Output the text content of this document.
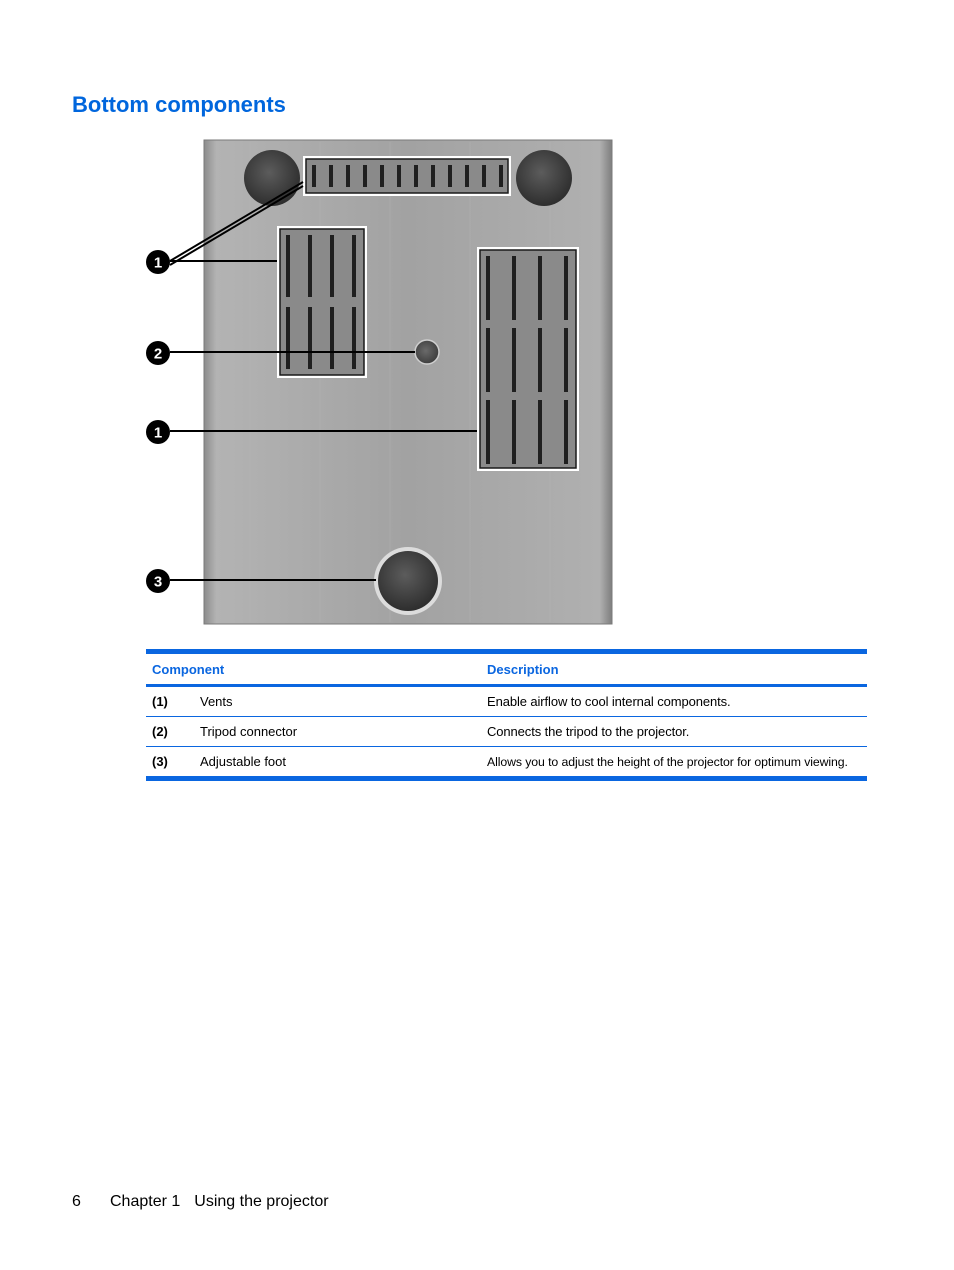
Bottom components
1
2
1
3
Component		Description
(1)	Vents	Enable airflow to cool internal components.
(2)	Tripod connector	Connects the tripod to the projector.
(3)	Adjustable foot	Allows you to adjust the height of the projector for optimum viewing.
6 Chapter 1 Using the projector
